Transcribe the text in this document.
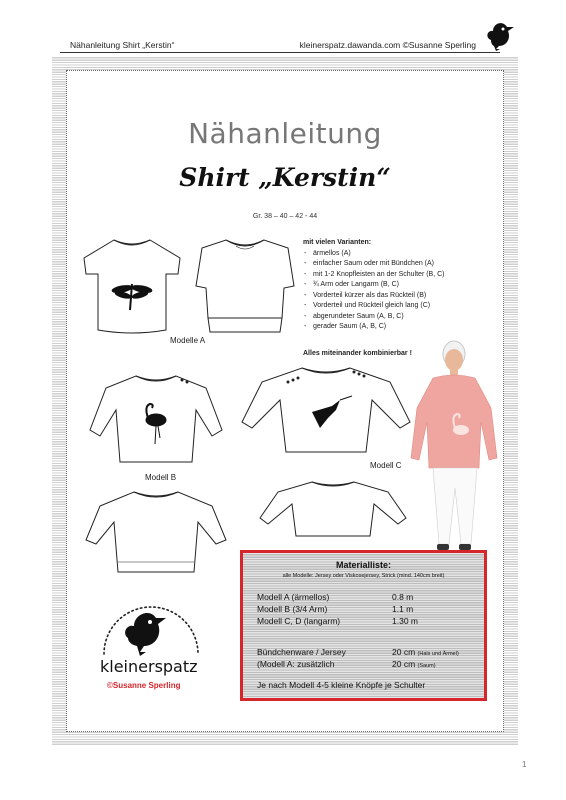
Nähanleitung Shirt „Kerstin“	kleinerspatz.dawanda.com ©Susanne Sperling
Nähanleitung
Shirt „Kerstin“
Gr. 38 – 40 – 42 - 44
mit vielen Varianten:
- ärmellos (A)
- einfacher Saum oder mit Bündchen (A)
- mit 1-2 Knopfleisten an der Schulter (B, C)
- ¾ Arm oder Langarm (B, C)
- Vorderteil kürzer als das Rückteil (B)
- Vorderteil und Rückteil gleich lang (C)
- abgerundeter Saum (A, B, C)
- gerader Saum (A, B, C)
Alles miteinander kombinierbar !
Modelle A
Modell B
Modell C
Materialliste:
alle Modelle: Jersey oder Viskosejersey, Strick (mind. 140cm breit)
Modell A (ärmellos)	0.8 m
Modell B (3/4 Arm)	1.1 m
Modell C, D (langarm)	1.30 m
Bündchenware / Jersey	20 cm (Hals und Ärmel)
(Modell A: zusätzlich	20 cm (Saum)
Je nach Modell 4-5 kleine Knöpfe je Schulter
kleinerspatz
©Susanne Sperling
1
